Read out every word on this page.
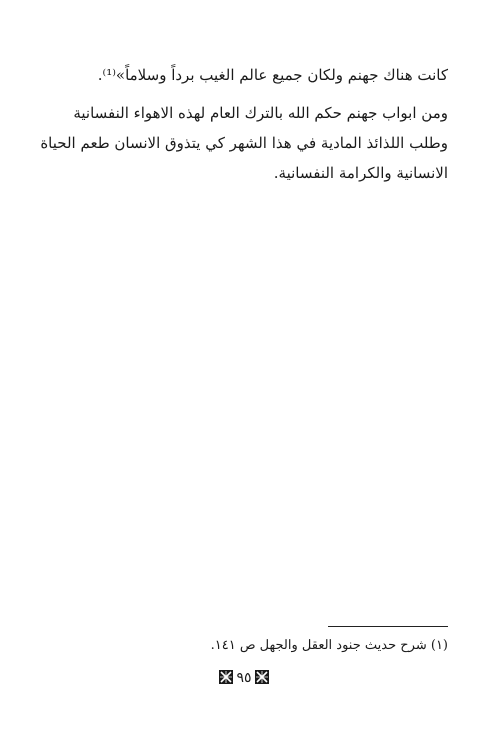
كانت هناك جهنم ولكان جميع عالم الغيب برداً وسلاماً»⁽¹⁾.
ومن ابواب جهنم حكم الله بالترك العام لهذه الاهواء النفسانية
وطلب اللذائذ المادية في هذا الشهر كي يتذوق الانسان طعم الحياة
الانسانية والكرامة النفسانية.
(١) شرح حديث جنود العقل والجهل ص ١٤١.
٩٥
